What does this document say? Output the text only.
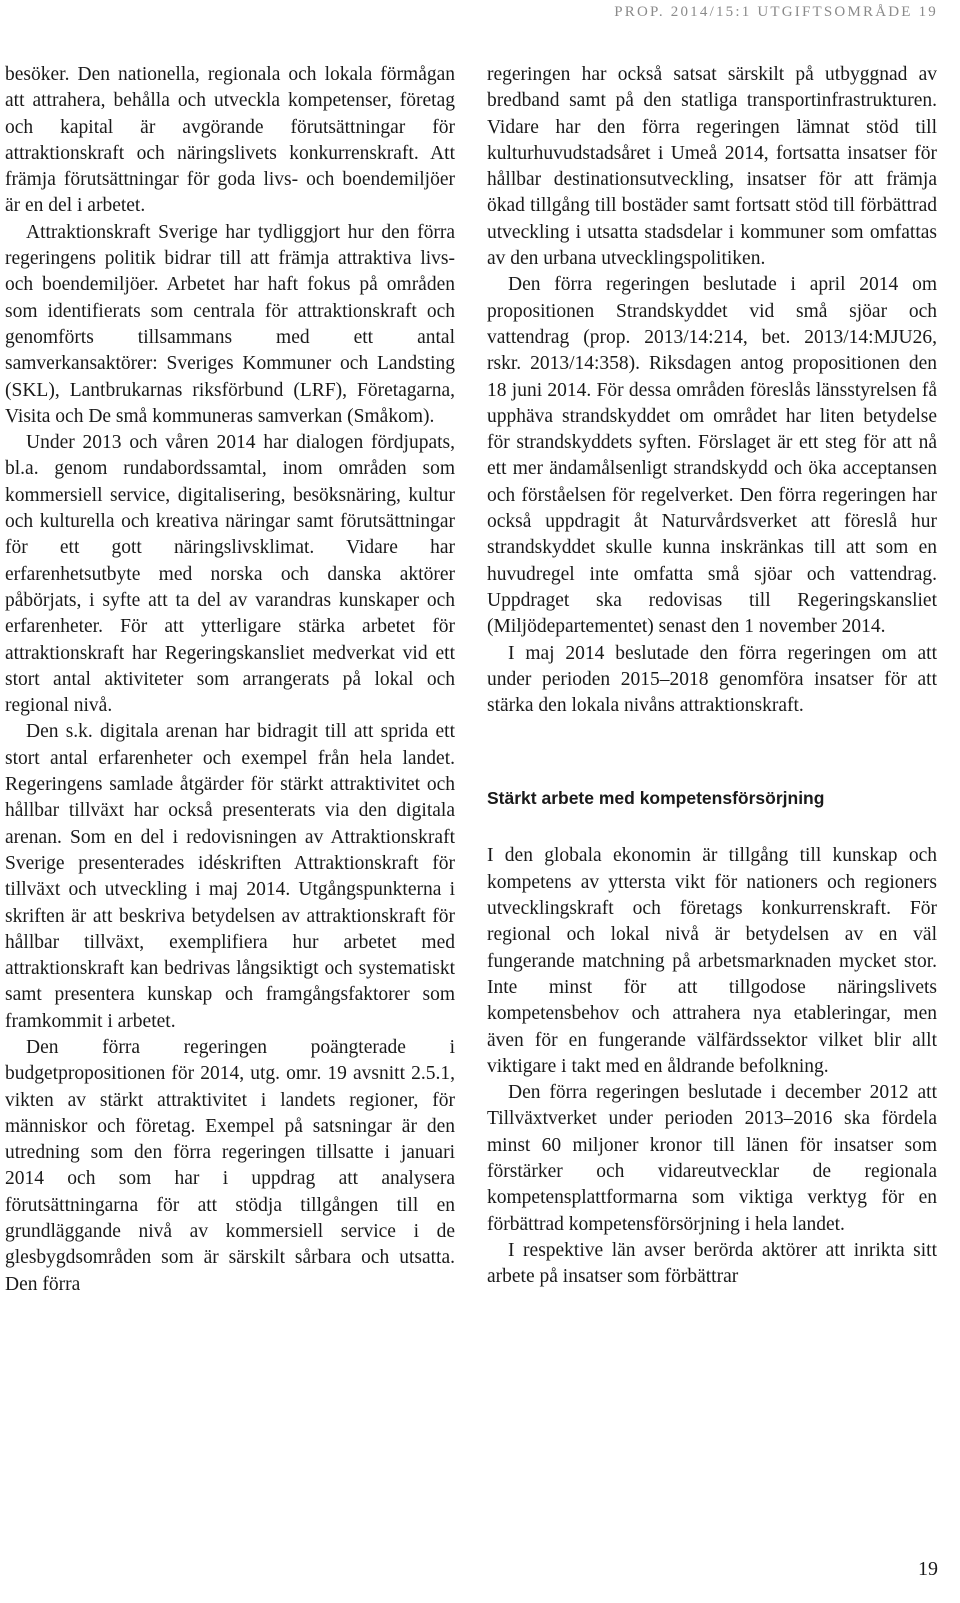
PROP. 2014/15:1 UTGIFTSOMRÅDE 19

besöker. Den nationella, regionala och lokala förmågan att attrahera, behålla och utveckla kompetenser, företag och kapital är avgörande förutsättningar för attraktionskraft och näringslivets konkurrenskraft. Att främja förutsättningar för goda livs- och boendemiljöer är en del i arbetet.

Attraktionskraft Sverige har tydliggjort hur den förra regeringens politik bidrar till att främja attraktiva livs- och boendemiljöer. Arbetet har haft fokus på områden som identifierats som centrala för attraktionskraft och genomförts tillsammans med ett antal samverkansaktörer: Sveriges Kommuner och Landsting (SKL), Lantbrukarnas riksförbund (LRF), Företagarna, Visita och De små kommuneras samverkan (Småkom).

Under 2013 och våren 2014 har dialogen fördjupats, bl.a. genom rundabordssamtal, inom områden som kommersiell service, digitalisering, besöksnäring, kultur och kulturella och kreativa näringar samt förutsättningar för ett gott näringslivsklimat. Vidare har erfarenhetsutbyte med norska och danska aktörer påbörjats, i syfte att ta del av varandras kunskaper och erfarenheter. För att ytterligare stärka arbetet för attraktionskraft har Regeringskansliet medverkat vid ett stort antal aktiviteter som arrangerats på lokal och regional nivå.

Den s.k. digitala arenan har bidragit till att sprida ett stort antal erfarenheter och exempel från hela landet. Regeringens samlade åtgärder för stärkt attraktivitet och hållbar tillväxt har också presenterats via den digitala arenan. Som en del i redovisningen av Attraktionskraft Sverige presenterades idéskriften Attraktionskraft för tillväxt och utveckling i maj 2014. Utgångspunkterna i skriften är att beskriva betydelsen av attraktionskraft för hållbar tillväxt, exemplifiera hur arbetet med attraktionskraft kan bedrivas långsiktigt och systematiskt samt presentera kunskap och framgångsfaktorer som framkommit i arbetet.

Den förra regeringen poängterade i budgetpropositionen för 2014, utg. omr. 19 avsnitt 2.5.1, vikten av stärkt attraktivitet i landets regioner, för människor och företag. Exempel på satsningar är den utredning som den förra regeringen tillsatte i januari 2014 och som har i uppdrag att analysera förutsättningarna för att stödja tillgången till en grundläggande nivå av kommersiell service i de glesbygdsområden som är särskilt sårbara och utsatta. Den förra

regeringen har också satsat särskilt på utbyggnad av bredband samt på den statliga transportinfrastrukturen. Vidare har den förra regeringen lämnat stöd till kulturhuvudstadsåret i Umeå 2014, fortsatta insatser för hållbar destinationsutveckling, insatser för att främja ökad tillgång till bostäder samt fortsatt stöd till förbättrad utveckling i utsatta stadsdelar i kommuner som omfattas av den urbana utvecklingspolitiken.

Den förra regeringen beslutade i april 2014 om propositionen Strandskyddet vid små sjöar och vattendrag (prop. 2013/14:214, bet. 2013/14:MJU26, rskr. 2013/14:358). Riksdagen antog propositionen den 18 juni 2014. För dessa områden föreslås länsstyrelsen få upphäva strandskyddet om området har liten betydelse för strandskyddets syften. Förslaget är ett steg för att nå ett mer ändamålsenligt strandskydd och öka acceptansen och förståelsen för regelverket. Den förra regeringen har också uppdragit åt Naturvårdsverket att föreslå hur strandskyddet skulle kunna inskränkas till att som en huvudregel inte omfatta små sjöar och vattendrag. Uppdraget ska redovisas till Regeringskansliet (Miljödepartementet) senast den 1 november 2014.

I maj 2014 beslutade den förra regeringen om att under perioden 2015–2018 genomföra insatser för att stärka den lokala nivåns attraktionskraft.

Stärkt arbete med kompetensförsörjning

I den globala ekonomin är tillgång till kunskap och kompetens av yttersta vikt för nationers och regioners utvecklingskraft och företags konkurrenskraft. För regional och lokal nivå är betydelsen av en väl fungerande matchning på arbetsmarknaden mycket stor. Inte minst för att tillgodose näringslivets kompetensbehov och attrahera nya etableringar, men även för en fungerande välfärdssektor vilket blir allt viktigare i takt med en åldrande befolkning.

Den förra regeringen beslutade i december 2012 att Tillväxtverket under perioden 2013–2016 ska fördela minst 60 miljoner kronor till länen för insatser som förstärker och vidareutvecklar de regionala kompetensplattformarna som viktiga verktyg för en förbättrad kompetensförsörjning i hela landet.

I respektive län avser berörda aktörer att inrikta sitt arbete på insatser som förbättrar

19
